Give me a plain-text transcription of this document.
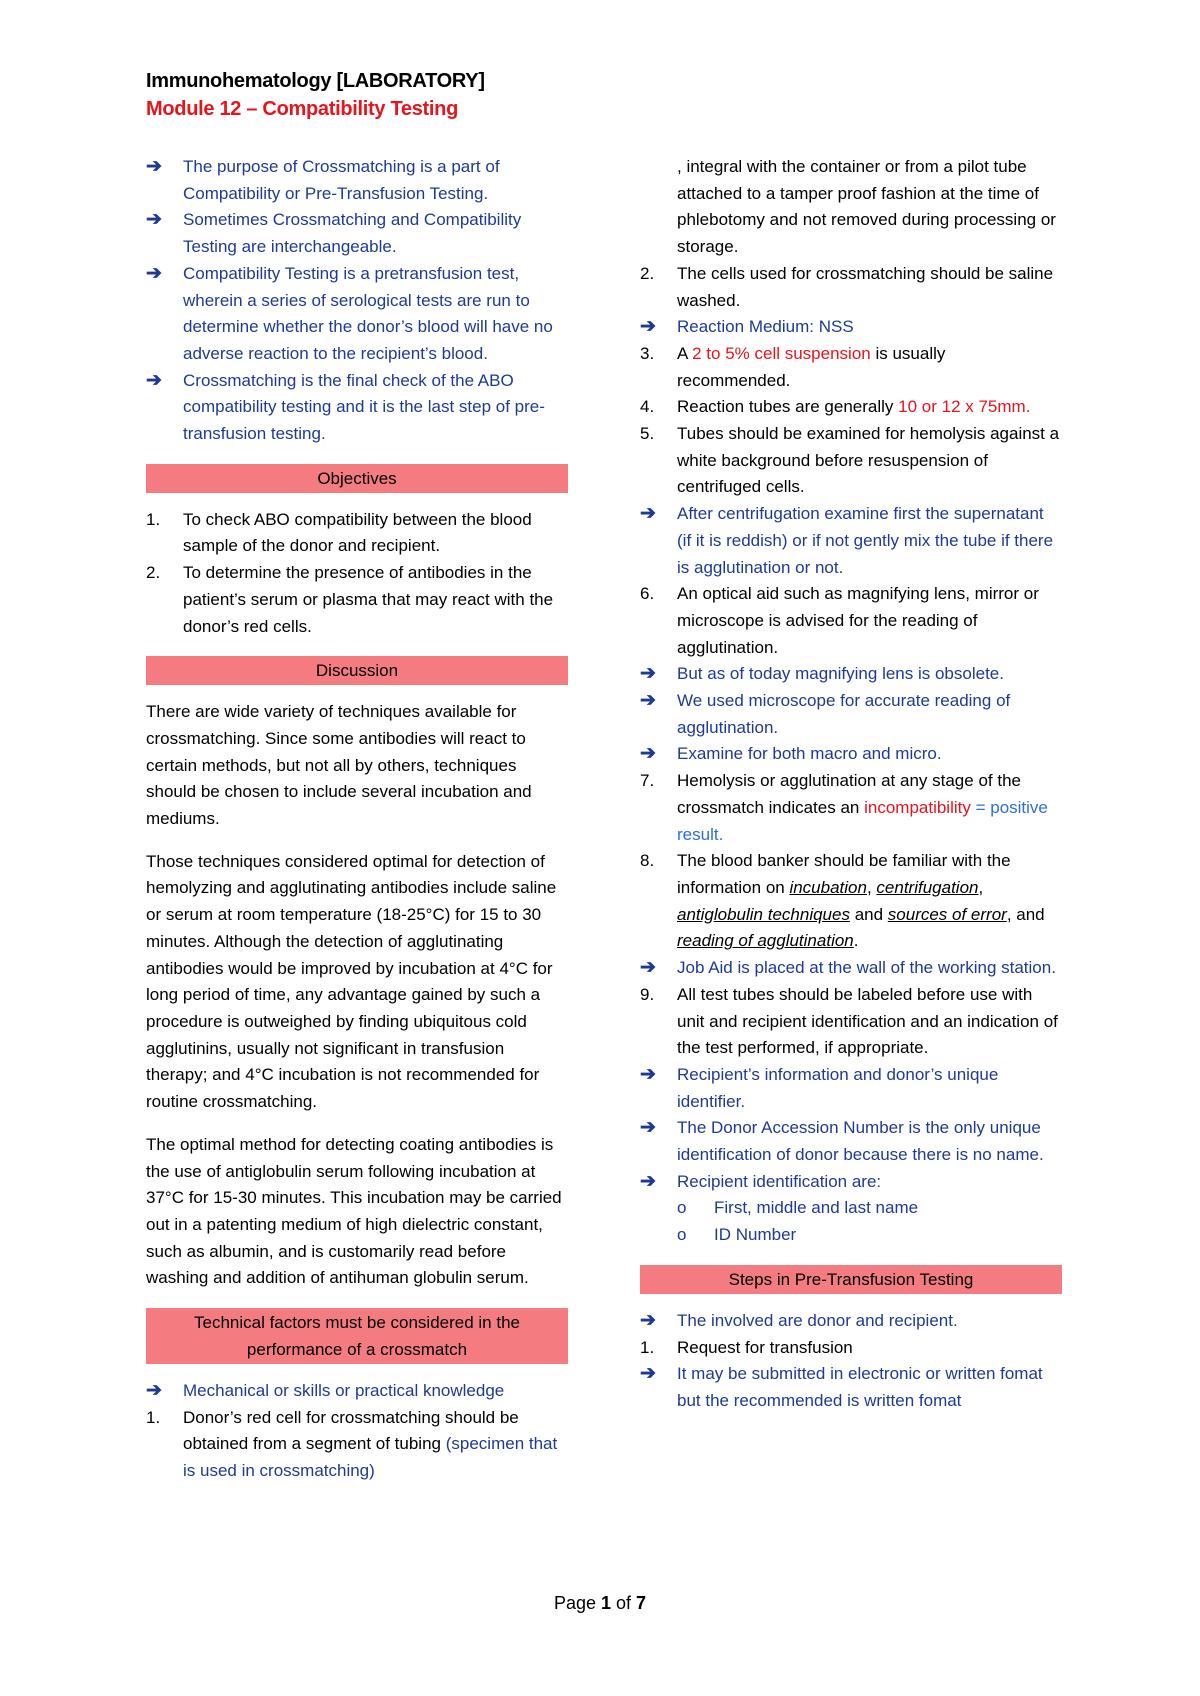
Immunohematology [LABORATORY]
Module 12 – Compatibility Testing
➔	The purpose of Crossmatching is a part of Compatibility or Pre-Transfusion Testing.
➔	Sometimes Crossmatching and Compatibility Testing are interchangeable.
➔	Compatibility Testing is a pretransfusion test, wherein a series of serological tests are run to determine whether the donor’s blood will have no adverse reaction to the recipient’s blood.
➔	Crossmatching is the final check of the ABO compatibility testing and it is the last step of pre-transfusion testing.
Objectives
1.	To check ABO compatibility between the blood sample of the donor and recipient.
2.	To determine the presence of antibodies in the patient’s serum or plasma that may react with the donor’s red cells.
Discussion

There are wide variety of techniques available for crossmatching. Since some antibodies will react to certain methods, but not all by others, techniques should be chosen to include several incubation and mediums.

Those techniques considered optimal for detection of hemolyzing and agglutinating antibodies include saline or serum at room temperature (18-25°C) for 15 to 30 minutes. Although the detection of agglutinating antibodies would be improved by incubation at 4°C for long period of time, any advantage gained by such a procedure is outweighed by finding ubiquitous cold agglutinins, usually not significant in transfusion therapy; and 4°C incubation is not recommended for routine crossmatching.

The optimal method for detecting coating antibodies is the use of antiglobulin serum following incubation at 37°C for 15-30 minutes. This incubation may be carried out in a patenting medium of high dielectric constant, such as albumin, and is customarily read before washing and addition of antihuman globulin serum.

Technical factors must be considered in the performance of a crossmatch
➔	Mechanical or skills or practical knowledge
1.	Donor’s red cell for crossmatching should be obtained from a segment of tubing (specimen that is used in crossmatching)
, integral with the container or from a pilot tube attached to a tamper proof fashion at the time of phlebotomy and not removed during processing or storage.
2.	The cells used for crossmatching should be saline washed.
➔	Reaction Medium: NSS
3.	A 2 to 5% cell suspension is usually recommended.
4.	Reaction tubes are generally 10 or 12 x 75mm.
5.	Tubes should be examined for hemolysis against a white background before resuspension of centrifuged cells.
➔	After centrifugation examine first the supernatant (if it is reddish) or if not gently mix the tube if there is agglutination or not.
6.	An optical aid such as magnifying lens, mirror or microscope is advised for the reading of agglutination.
➔	But as of today magnifying lens is obsolete.
➔	We used microscope for accurate reading of agglutination.
➔	Examine for both macro and micro.
7.	Hemolysis or agglutination at any stage of the crossmatch indicates an incompatibility = positive result.
8.	The blood banker should be familiar with the information on incubation, centrifugation, antiglobulin techniques and sources of error, and reading of agglutination.
➔	Job Aid is placed at the wall of the working station.
9.	All test tubes should be labeled before use with unit and recipient identification and an indication of the test performed, if appropriate.
➔	Recipient’s information and donor’s unique identifier.
➔	The Donor Accession Number is the only unique identification of donor because there is no name.
➔	Recipient identification are:
o	First, middle and last name
o	ID Number
Steps in Pre-Transfusion Testing
➔	The involved are donor and recipient.
1.	Request for transfusion
➔	It may be submitted in electronic or written fomat but the recommended is written fomat
Page 1 of 7
